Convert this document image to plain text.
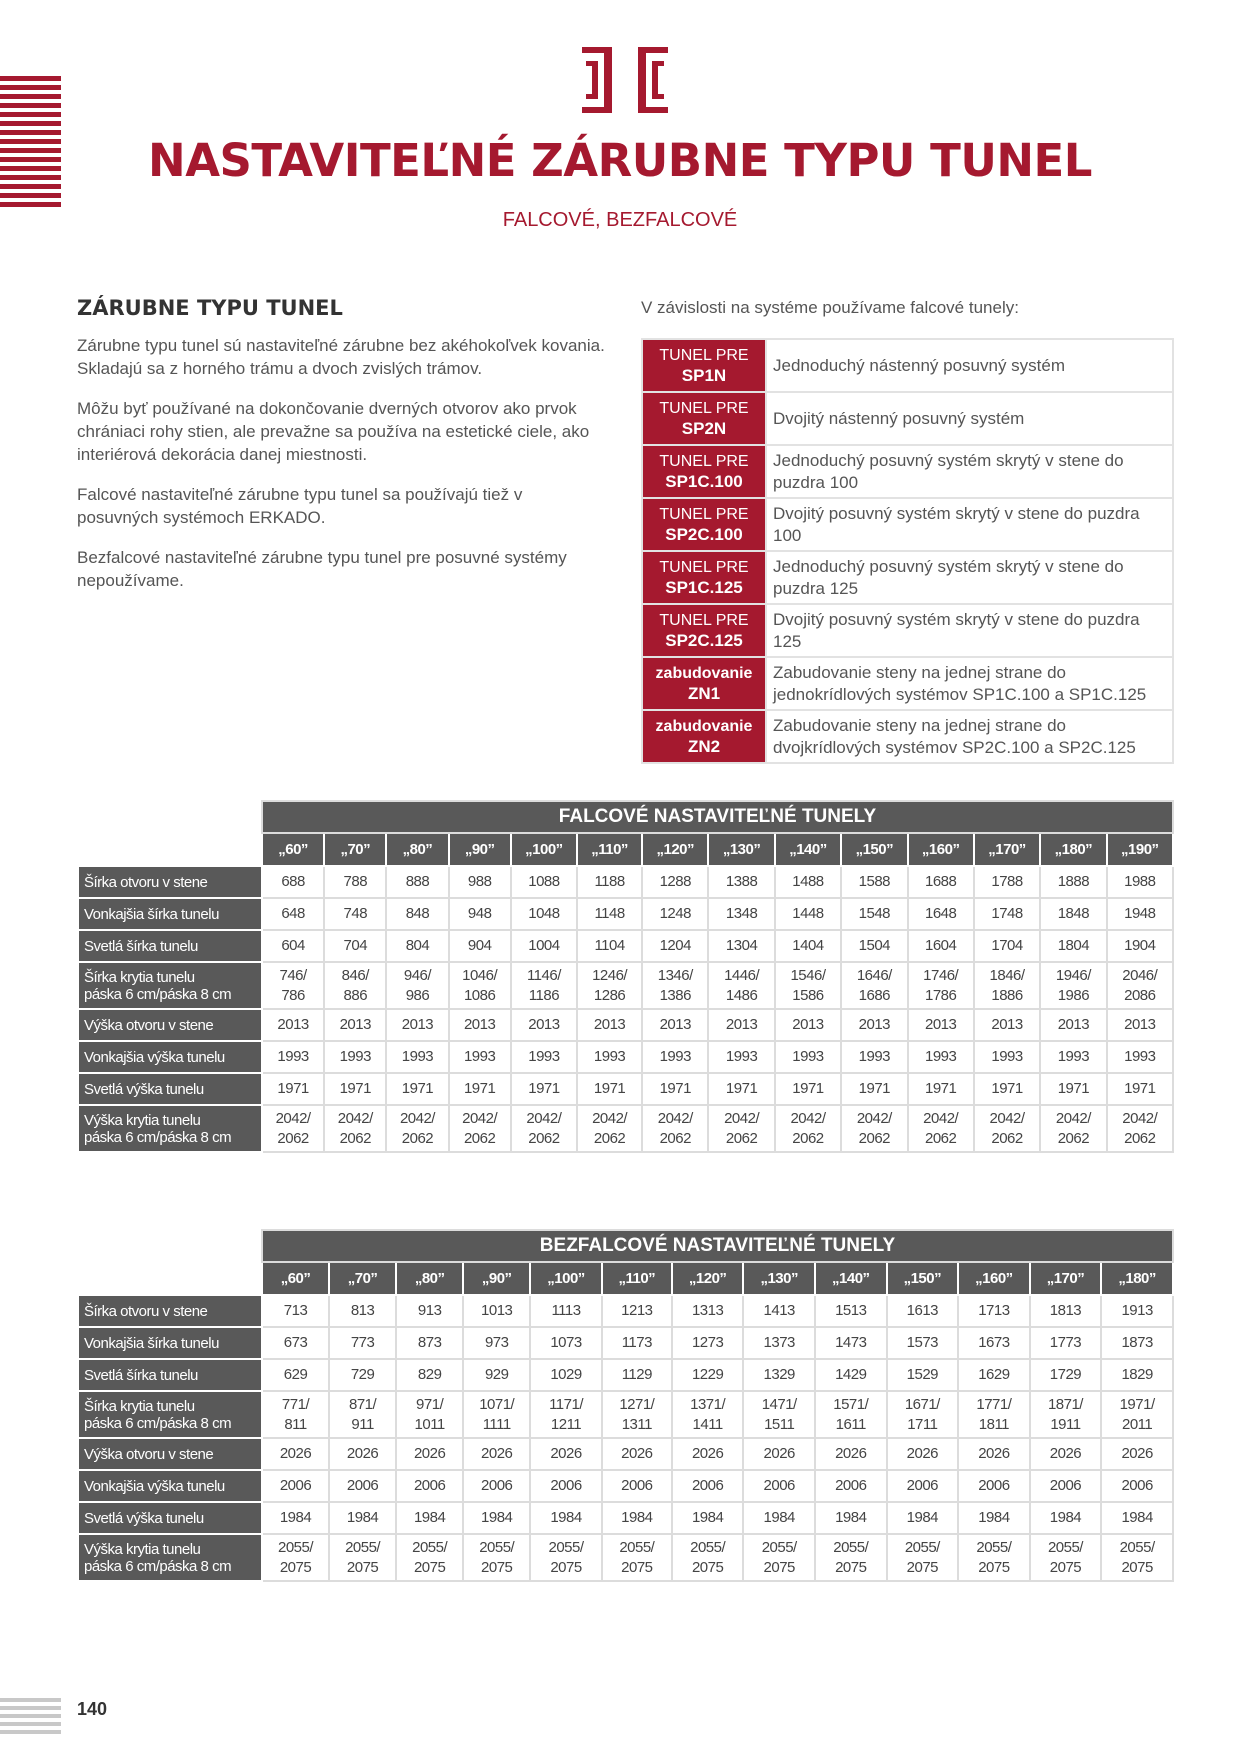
NASTAVITEĽNÉ ZÁRUBNE TYPU TUNEL
FALCOVÉ, BEZFALCOVÉ
ZÁRUBNE TYPU TUNEL

Zárubne typu tunel sú nastaviteľné zárubne bez akéhokoľvek kovania. Skladajú sa z horného trámu a dvoch zvislých trámov.

Môžu byť používané na dokončovanie dverných otvorov ako prvok chrániaci rohy stien, ale prevažne sa používa na estetické ciele, ako interiérová dekorácia danej miestnosti.

Falcové nastaviteľné zárubne typu tunel sa používajú tiež v posuvných systémoch ERKADO.

Bezfalcové nastaviteľné zárubne typu tunel pre posuvné systémy nepoužívame.

V závislosti na systéme používame falcové tunely:
TUNEL PRE
SP1N	Jednoduchý nástenný posuvný systém

TUNEL PRE
SP2N	Dvojitý nástenný posuvný systém

TUNEL PRE
SP1C.100	Jednoduchý posuvný systém skrytý v stene do puzdra 100

TUNEL PRE
SP2C.100	Dvojitý posuvný systém skrytý v stene do puzdra 100

TUNEL PRE
SP1C.125	Jednoduchý posuvný systém skrytý v stene do puzdra 125

TUNEL PRE
SP2C.125	Dvojitý posuvný systém skrytý v stene do puzdra 125

zabudovanie
ZN1	Zabudovanie steny na jednej strane do jednokrídlových systémov SP1C.100 a SP1C.125

zabudovanie
ZN2	Zabudovanie steny na jednej strane do dvojkrídlových systémov SP2C.100 a SP2C.125
	FALCOVÉ NASTAVITEĽNÉ TUNELY													
	„60”	„70”	„80”	„90”	„100”	„110”	„120”	„130”	„140”	„150”	„160”	„170”	„180”	„190”
Šírka otvoru v stene	688	788	888	988	1088	1188	1288	1388	1488	1588	1688	1788	1888	1988
Vonkajšia šírka tunelu	648	748	848	948	1048	1148	1248	1348	1448	1548	1648	1748	1848	1948
Svetlá šírka tunelu	604	704	804	904	1004	1104	1204	1304	1404	1504	1604	1704	1804	1904
Šírka krytia tunelu
páska 6 cm/páska 8 cm	746/
786	846/
886	946/
986	1046/
1086	1146/
1186	1246/
1286	1346/
1386	1446/
1486	1546/
1586	1646/
1686	1746/
1786	1846/
1886	1946/
1986	2046/
2086
Výška otvoru v stene	2013	2013	2013	2013	2013	2013	2013	2013	2013	2013	2013	2013	2013	2013
Vonkajšia výška tunelu	1993	1993	1993	1993	1993	1993	1993	1993	1993	1993	1993	1993	1993	1993
Svetlá výška tunelu	1971	1971	1971	1971	1971	1971	1971	1971	1971	1971	1971	1971	1971	1971
Výška krytia tunelu
páska 6 cm/páska 8 cm	2042/
2062	2042/
2062	2042/
2062	2042/
2062	2042/
2062	2042/
2062	2042/
2062	2042/
2062	2042/
2062	2042/
2062	2042/
2062	2042/
2062	2042/
2062	2042/
2062
	BEZFALCOVÉ NASTAVITEĽNÉ TUNELY												
	„60”	„70”	„80”	„90”	„100”	„110”	„120”	„130”	„140”	„150”	„160”	„170”	„180”
Šírka otvoru v stene	713	813	913	1013	1113	1213	1313	1413	1513	1613	1713	1813	1913
Vonkajšia šírka tunelu	673	773	873	973	1073	1173	1273	1373	1473	1573	1673	1773	1873
Svetlá šírka tunelu	629	729	829	929	1029	1129	1229	1329	1429	1529	1629	1729	1829
Šírka krytia tunelu
páska 6 cm/páska 8 cm	771/
811	871/
911	971/
1011	1071/
1111	1171/
1211	1271/
1311	1371/
1411	1471/
1511	1571/
1611	1671/
1711	1771/
1811	1871/
1911	1971/
2011
Výška otvoru v stene	2026	2026	2026	2026	2026	2026	2026	2026	2026	2026	2026	2026	2026
Vonkajšia výška tunelu	2006	2006	2006	2006	2006	2006	2006	2006	2006	2006	2006	2006	2006
Svetlá výška tunelu	1984	1984	1984	1984	1984	1984	1984	1984	1984	1984	1984	1984	1984
Výška krytia tunelu
páska 6 cm/páska 8 cm	2055/
2075	2055/
2075	2055/
2075	2055/
2075	2055/
2075	2055/
2075	2055/
2075	2055/
2075	2055/
2075	2055/
2075	2055/
2075	2055/
2075	2055/
2075
140
